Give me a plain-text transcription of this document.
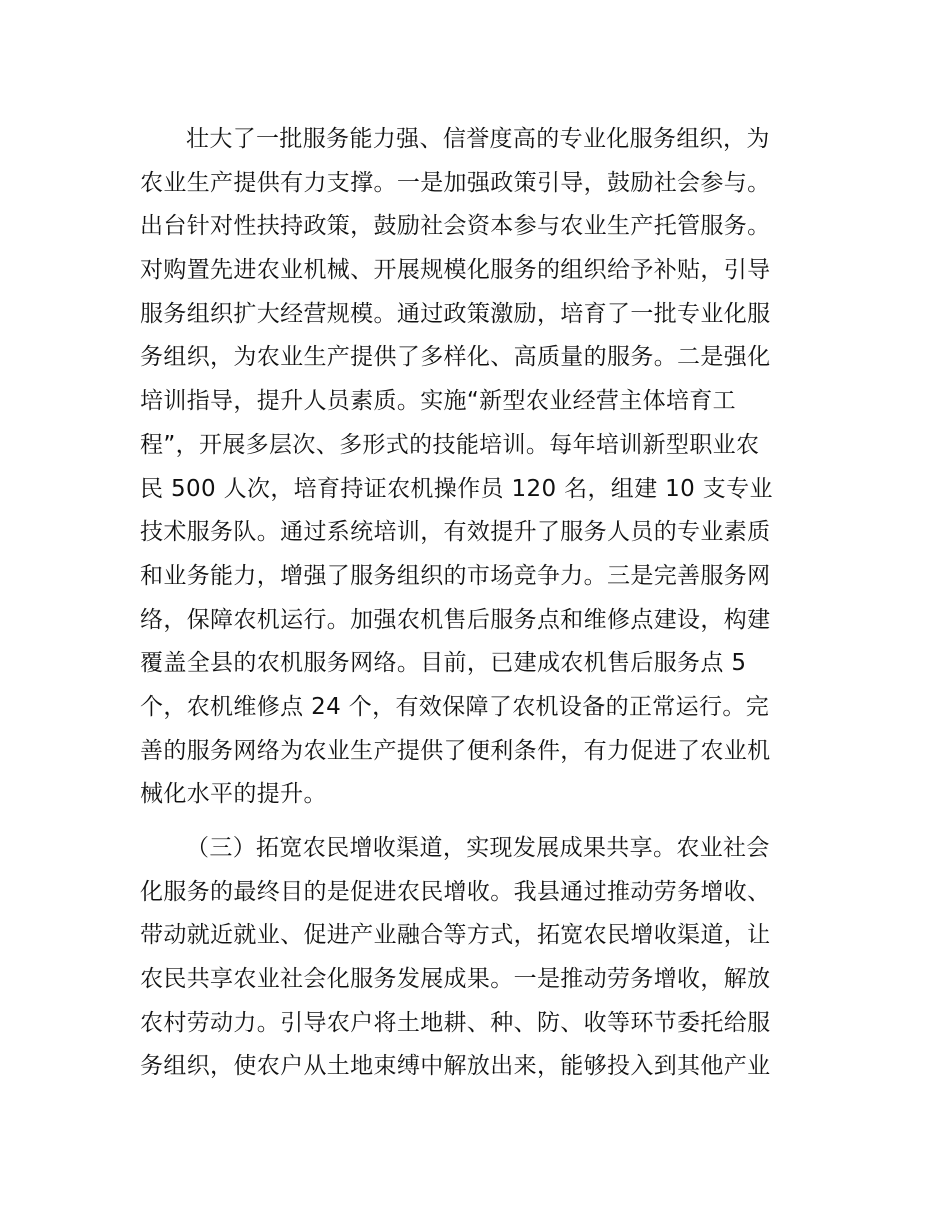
壮大了一批服务能力强、信誉度高的专业化服务组织，为
农业生产提供有力支撑。一是加强政策引导，鼓励社会参与。
出台针对性扶持政策，鼓励社会资本参与农业生产托管服务。
对购置先进农业机械、开展规模化服务的组织给予补贴，引导
服务组织扩大经营规模。通过政策激励，培育了一批专业化服
务组织，为农业生产提供了多样化、高质量的服务。二是强化
培训指导，提升人员素质。实施“新型农业经营主体培育工
程”，开展多层次、多形式的技能培训。每年培训新型职业农
民 500 人次，培育持证农机操作员 120 名，组建 10 支专业
技术服务队。通过系统培训，有效提升了服务人员的专业素质
和业务能力，增强了服务组织的市场竞争力。三是完善服务网
络，保障农机运行。加强农机售后服务点和维修点建设，构建
覆盖全县的农机服务网络。目前，已建成农机售后服务点 5
个，农机维修点 24 个，有效保障了农机设备的正常运行。完
善的服务网络为农业生产提供了便利条件，有力促进了农业机
械化水平的提升。
（三）拓宽农民增收渠道，实现发展成果共享。农业社会
化服务的最终目的是促进农民增收。我县通过推动劳务增收、
带动就近就业、促进产业融合等方式，拓宽农民增收渠道，让
农民共享农业社会化服务发展成果。一是推动劳务增收，解放
农村劳动力。引导农户将土地耕、种、防、收等环节委托给服
务组织，使农户从土地束缚中解放出来，能够投入到其他产业
